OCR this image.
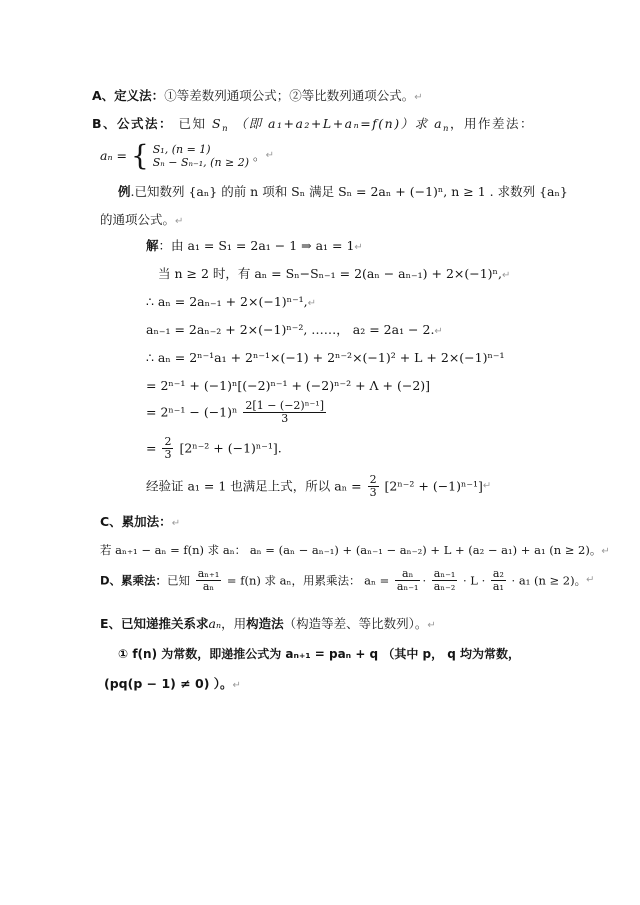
A、定义法：①等差数列通项公式；②等比数列通项公式。↵
B、公式法： 已知 $S_n$ （即 a₁+a₂+L+aₙ=f(n)）求 $a_n$，用作差法：
aₙ = { S₁, (n = 1)
Sₙ − Sₙ₋₁, (n ≥ 2) 。↵
例.已知数列 {aₙ} 的前 n 项和 Sₙ 满足 Sₙ = 2aₙ + (−1)ⁿ, n ≥ 1 . 求数列 {aₙ}
的通项公式。↵
解：由 a₁ = S₁ = 2a₁ − 1 ⇒ a₁ = 1↵
当 n ≥ 2 时，有 aₙ = Sₙ−Sₙ₋₁ = 2(aₙ − aₙ₋₁) + 2×(−1)ⁿ,↵
∴ aₙ = 2aₙ₋₁ + 2×(−1)ⁿ⁻¹,↵
aₙ₋₁ = 2aₙ₋₂ + 2×(−1)ⁿ⁻², ……， a₂ = 2a₁ − 2.↵
∴ aₙ = 2ⁿ⁻¹a₁ + 2ⁿ⁻¹×(−1) + 2ⁿ⁻²×(−1)² + L + 2×(−1)ⁿ⁻¹
= 2ⁿ⁻¹ + (−1)ⁿ[(−2)ⁿ⁻¹ + (−2)ⁿ⁻² + Λ + (−2)]
= $2^{n-1} - (-1)^n \frac{\text{2[1 − (−2)ⁿ⁻¹]}}{3}$
= $\frac{2}{3} [2^{n-2} + (-1)^{n-1}]$.
经验证 a₁ = 1 也满足上式，所以 $a_n = \frac{2}{3} [2^{n-2}$ + (−1)ⁿ⁻¹]↵
C、累加法：↵
若 aₙ₊₁ − aₙ = f(n) 求 aₙ： aₙ = (aₙ − aₙ₋₁) + (aₙ₋₁ − aₙ₋₂) + L + (a₂ − a₁) + a₁ (n ≥ 2)。↵
D、累乘法：已知 $\frac{\text{aₙ₊₁}}{\text{aₙ}} = f(n)$ 求 aₙ，用累乘法： $a_n = \frac{\text{aₙ}}{\text{aₙ₋₁}} \cdot \frac{\text{aₙ₋₁}}{\text{aₙ₋₂}} \cdot L \cdot \frac{\text{a₂}}{\text{a₁}} \cdot a_1$ (n ≥ 2)。↵
E、已知递推关系求aₙ，用构造法（构造等差、等比数列）。↵
① f(n) 为常数，即递推公式为 aₙ₊₁ = paₙ + q （其中 p， q 均为常数，
(pq(p − 1) ≠ 0) ）。↵
